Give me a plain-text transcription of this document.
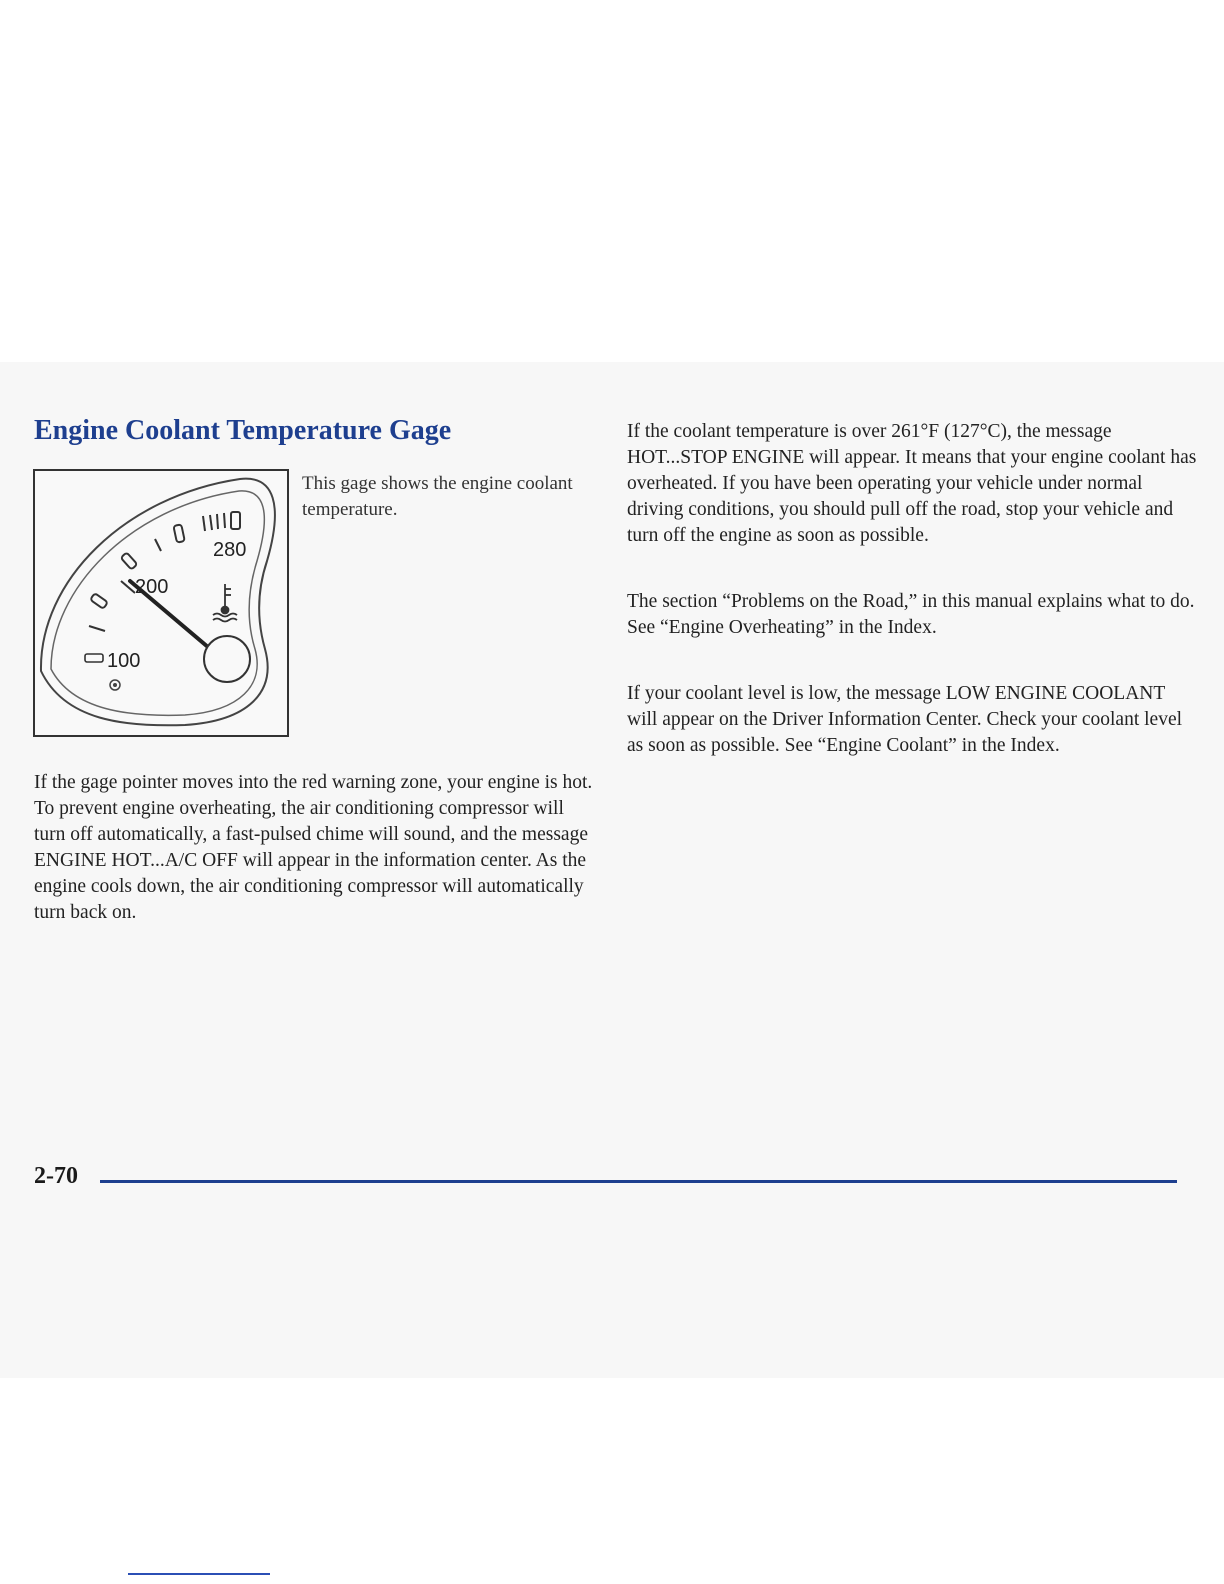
Engine Coolant Temperature Gage
280
200
100

This gage shows the engine coolant temperature.

If the gage pointer moves into the red warning zone, your engine is hot. To prevent engine overheating, the air conditioning compressor will turn off automatically, a fast-pulsed chime will sound, and the message ENGINE HOT...A/C OFF will appear in the information center. As the engine cools down, the air conditioning compressor will automatically turn back on.

If the coolant temperature is over 261°F (127°C), the message HOT...STOP ENGINE will appear. It means that your engine coolant has overheated. If you have been operating your vehicle under normal driving conditions, you should pull off the road, stop your vehicle and turn off the engine as soon as possible.

The section “Problems on the Road,” in this manual explains what to do. See “Engine Overheating” in the Index.

If your coolant level is low, the message LOW ENGINE COOLANT will appear on the Driver Information Center. Check your coolant level as soon as possible. See “Engine Coolant” in the Index.

2-70
